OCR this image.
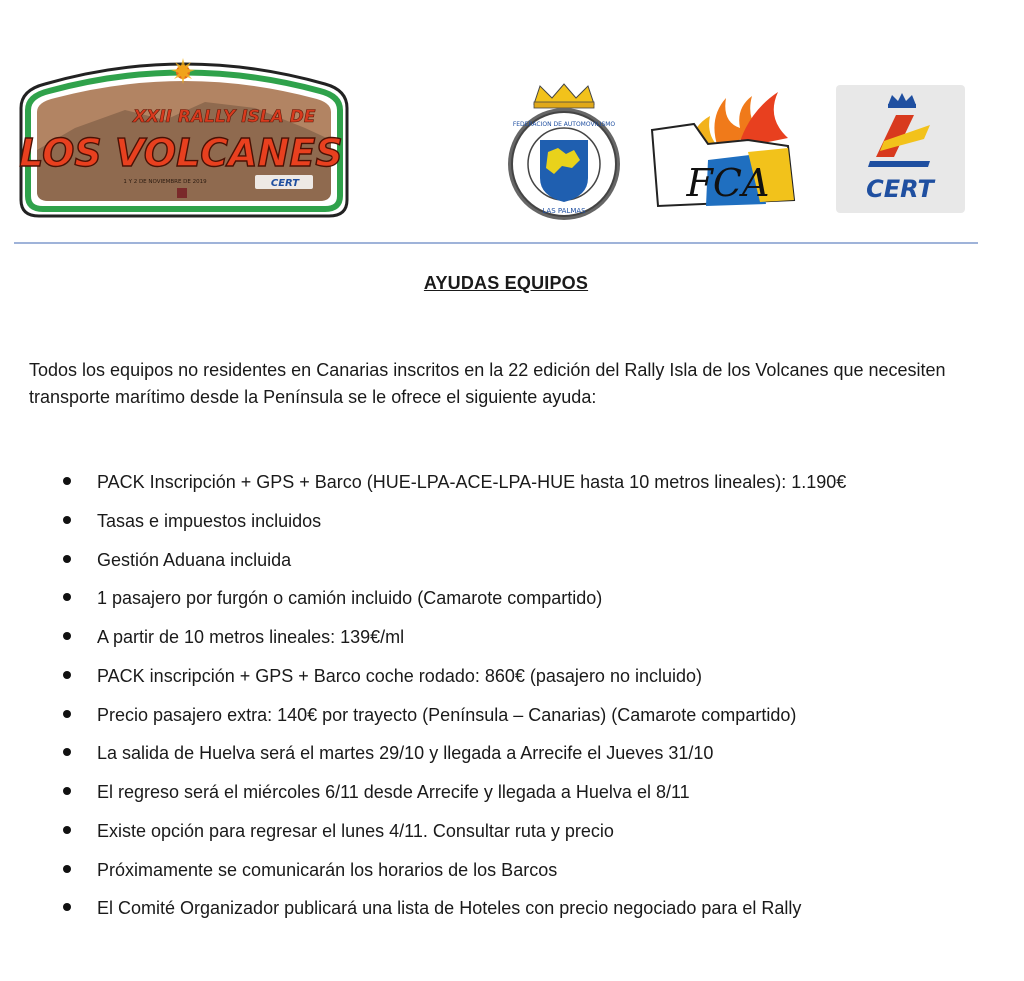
XXII RALLY ISLA DE
LOS VOLCANES
1 Y 2 DE NOVIEMBRE DE 2019	CERT
FEDERACION DE AUTOMOVILISMO
LAS PALMAS
FCA	CERT
AYUDAS EQUIPOS
Todos los equipos no residentes en Canarias inscritos en la 22 edición del Rally Isla de los Volcanes que necesiten transporte marítimo desde la Península se le ofrece el siguiente ayuda:
PACK Inscripción + GPS + Barco (HUE-LPA-ACE-LPA-HUE hasta 10 metros lineales): 1.190€
Tasas e impuestos incluidos
Gestión Aduana incluida
1 pasajero por furgón o camión incluido (Camarote compartido)
A partir de 10 metros lineales: 139€/ml
PACK inscripción + GPS + Barco coche rodado: 860€ (pasajero no incluido)
Precio pasajero extra: 140€ por trayecto (Península – Canarias) (Camarote compartido)
La salida de Huelva será el martes 29/10 y llegada a Arrecife el Jueves 31/10
El regreso será el miércoles 6/11 desde Arrecife y llegada a Huelva el 8/11
Existe opción para regresar el lunes 4/11. Consultar ruta y precio
Próximamente se comunicarán los horarios de los Barcos
El Comité Organizador publicará una lista de Hoteles con precio negociado para el Rally
